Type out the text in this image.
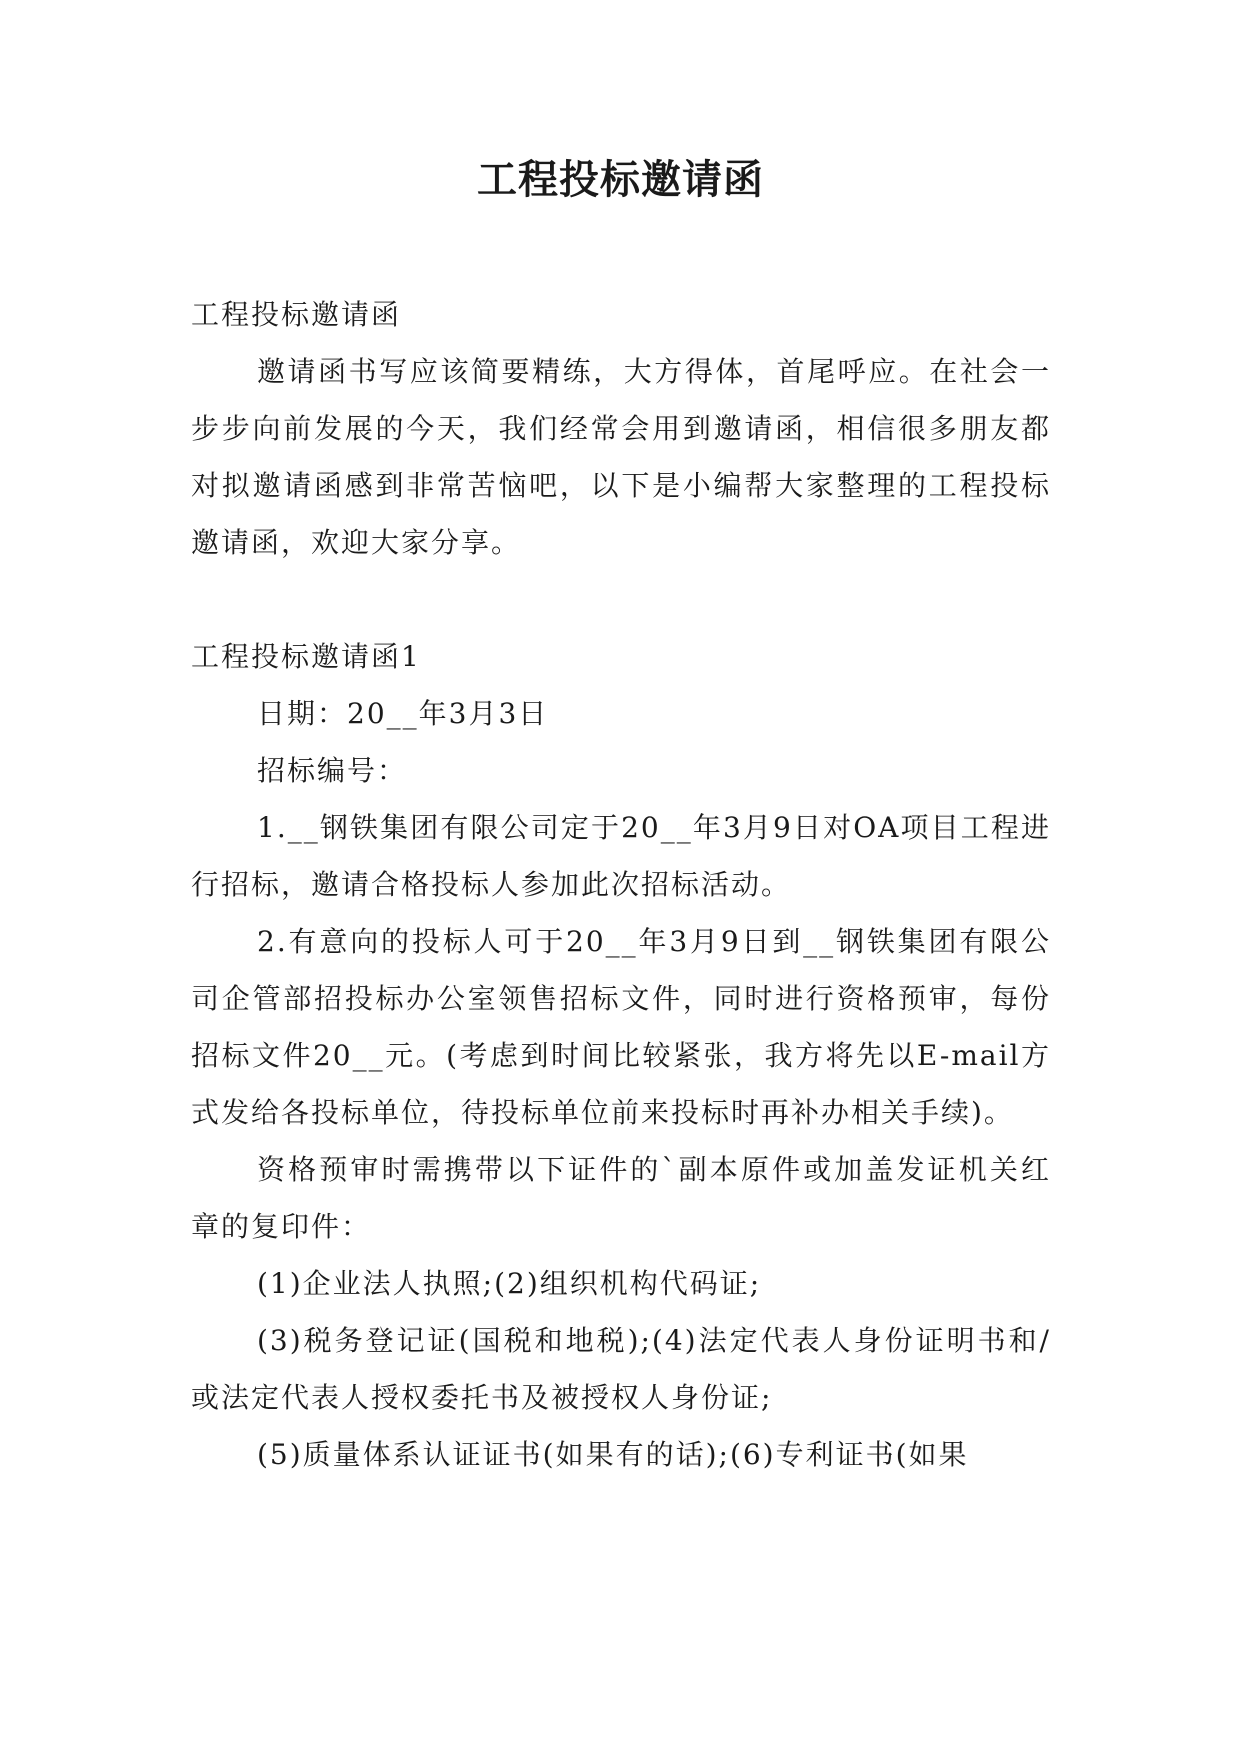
工程投标邀请函

工程投标邀请函

邀请函书写应该简要精练，大方得体，首尾呼应。在社会一步步向前发展的今天，我们经常会用到邀请函，相信很多朋友都对拟邀请函感到非常苦恼吧，以下是小编帮大家整理的工程投标邀请函，欢迎大家分享。

工程投标邀请函1

日期：20__年3月3日

招标编号：

1.__钢铁集团有限公司定于20__年3月9日对OA项目工程进行招标，邀请合格投标人参加此次招标活动。

2.有意向的投标人可于20__年3月9日到__钢铁集团有限公司企管部招投标办公室领售招标文件，同时进行资格预审，每份招标文件20__元。(考虑到时间比较紧张，我方将先以E-mail方式发给各投标单位，待投标单位前来投标时再补办相关手续)。

资格预审时需携带以下证件的`副本原件或加盖发证机关红章的复印件：

(1)企业法人执照;(2)组织机构代码证;

(3)税务登记证(国税和地税);(4)法定代表人身份证明书和/或法定代表人授权委托书及被授权人身份证;

(5)质量体系认证证书(如果有的话);(6)专利证书(如果
